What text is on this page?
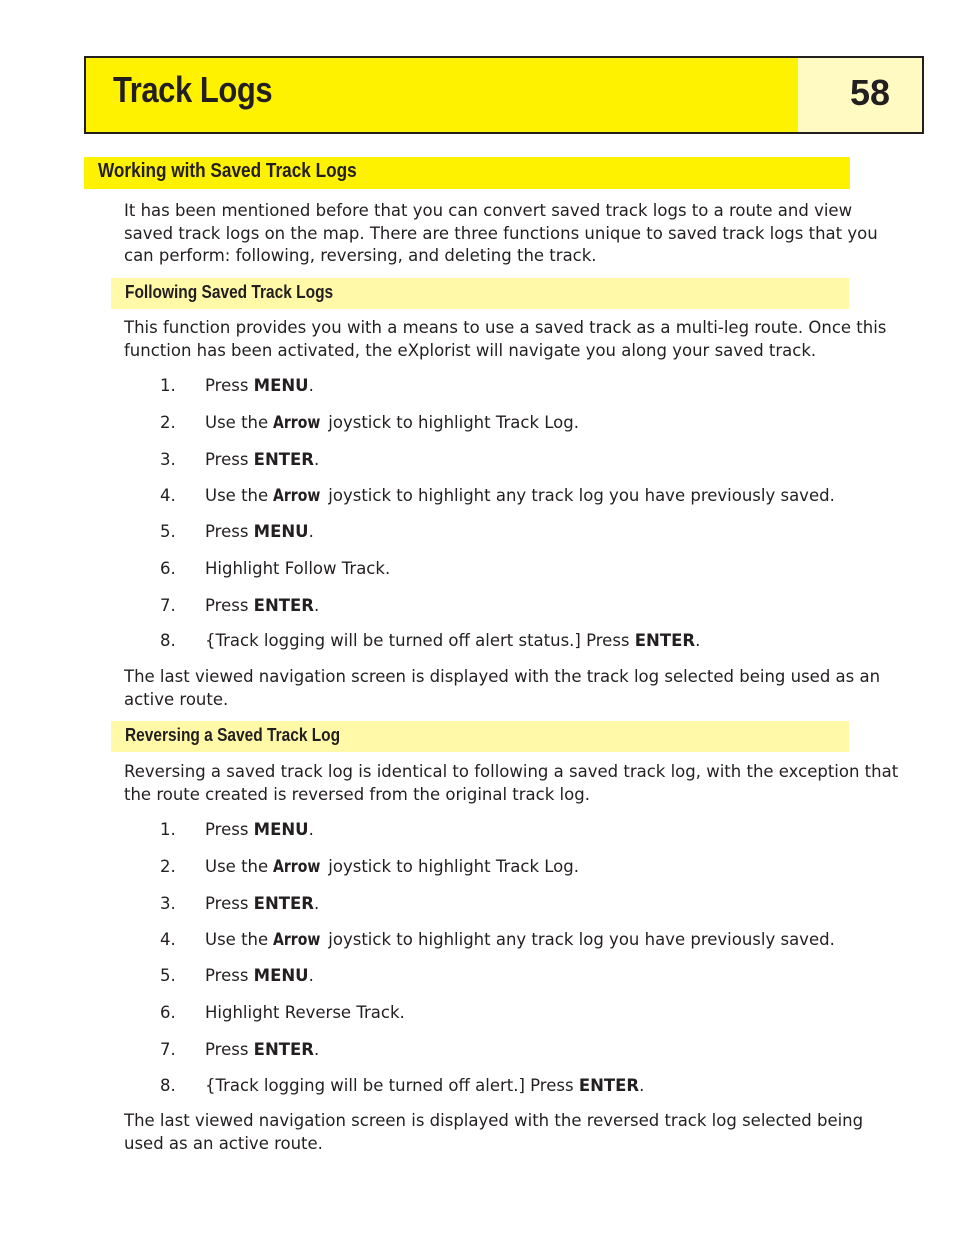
Track Logs	58
Working with Saved Track Logs
It has been mentioned before that you can convert saved track logs to a route and view saved track logs on the map. There are three functions unique to saved track logs that you can perform: following, reversing, and deleting the track.
Following Saved Track Logs
This function provides you with a means to use a saved track as a multi-leg route. Once this function has been activated, the eXplorist will navigate you along your saved track.
1. Press MENU.
2. Use the Arrow joystick to highlight Track Log.
3. Press ENTER.
4. Use the Arrow joystick to highlight any track log you have previously saved.
5. Press MENU.
6. Highlight Follow Track.
7. Press ENTER.
8. {Track logging will be turned off alert status.] Press ENTER.
The last viewed navigation screen is displayed with the track log selected being used as an active route.
Reversing a Saved Track Log
Reversing a saved track log is identical to following a saved track log, with the exception that the route created is reversed from the original track log.
1. Press MENU.
2. Use the Arrow joystick to highlight Track Log.
3. Press ENTER.
4. Use the Arrow joystick to highlight any track log you have previously saved.
5. Press MENU.
6. Highlight Reverse Track.
7. Press ENTER.
8. {Track logging will be turned off alert.] Press ENTER.
The last viewed navigation screen is displayed with the reversed track log selected being used as an active route.
